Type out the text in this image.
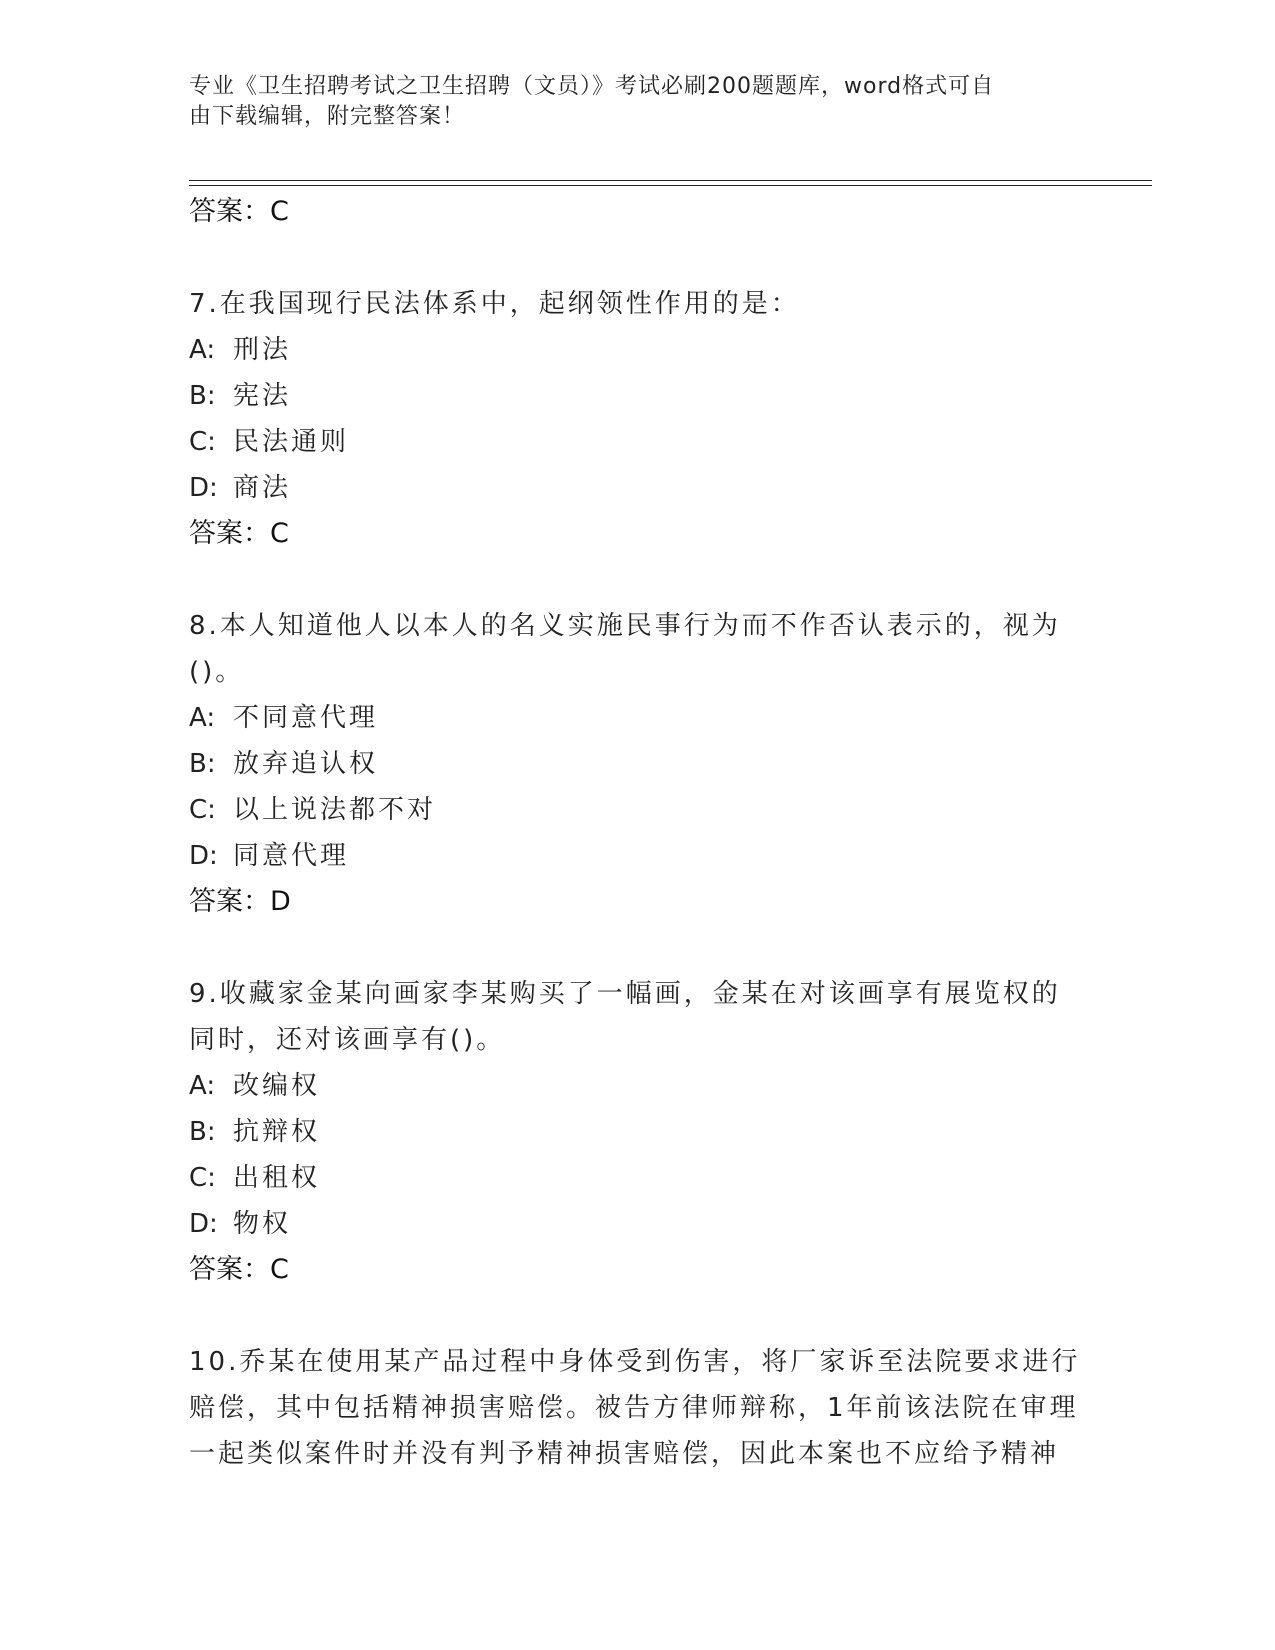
专业《卫生招聘考试之卫生招聘（文员）》考试必刷200题题库，word格式可自
由下载编辑，附完整答案！
答案：C
7.在我国现行民法体系中，起纲领性作用的是：
A: 刑法
B: 宪法
C: 民法通则
D: 商法
答案：C
8.本人知道他人以本人的名义实施民事行为而不作否认表示的，视为
()。
A: 不同意代理
B: 放弃追认权
C: 以上说法都不对
D: 同意代理
答案：D
9.收藏家金某向画家李某购买了一幅画，金某在对该画享有展览权的
同时，还对该画享有()。
A: 改编权
B: 抗辩权
C: 出租权
D: 物权
答案：C
10.乔某在使用某产品过程中身体受到伤害，将厂家诉至法院要求进行
赔偿，其中包括精神损害赔偿。被告方律师辩称，1年前该法院在审理
一起类似案件时并没有判予精神损害赔偿，因此本案也不应给予精神
